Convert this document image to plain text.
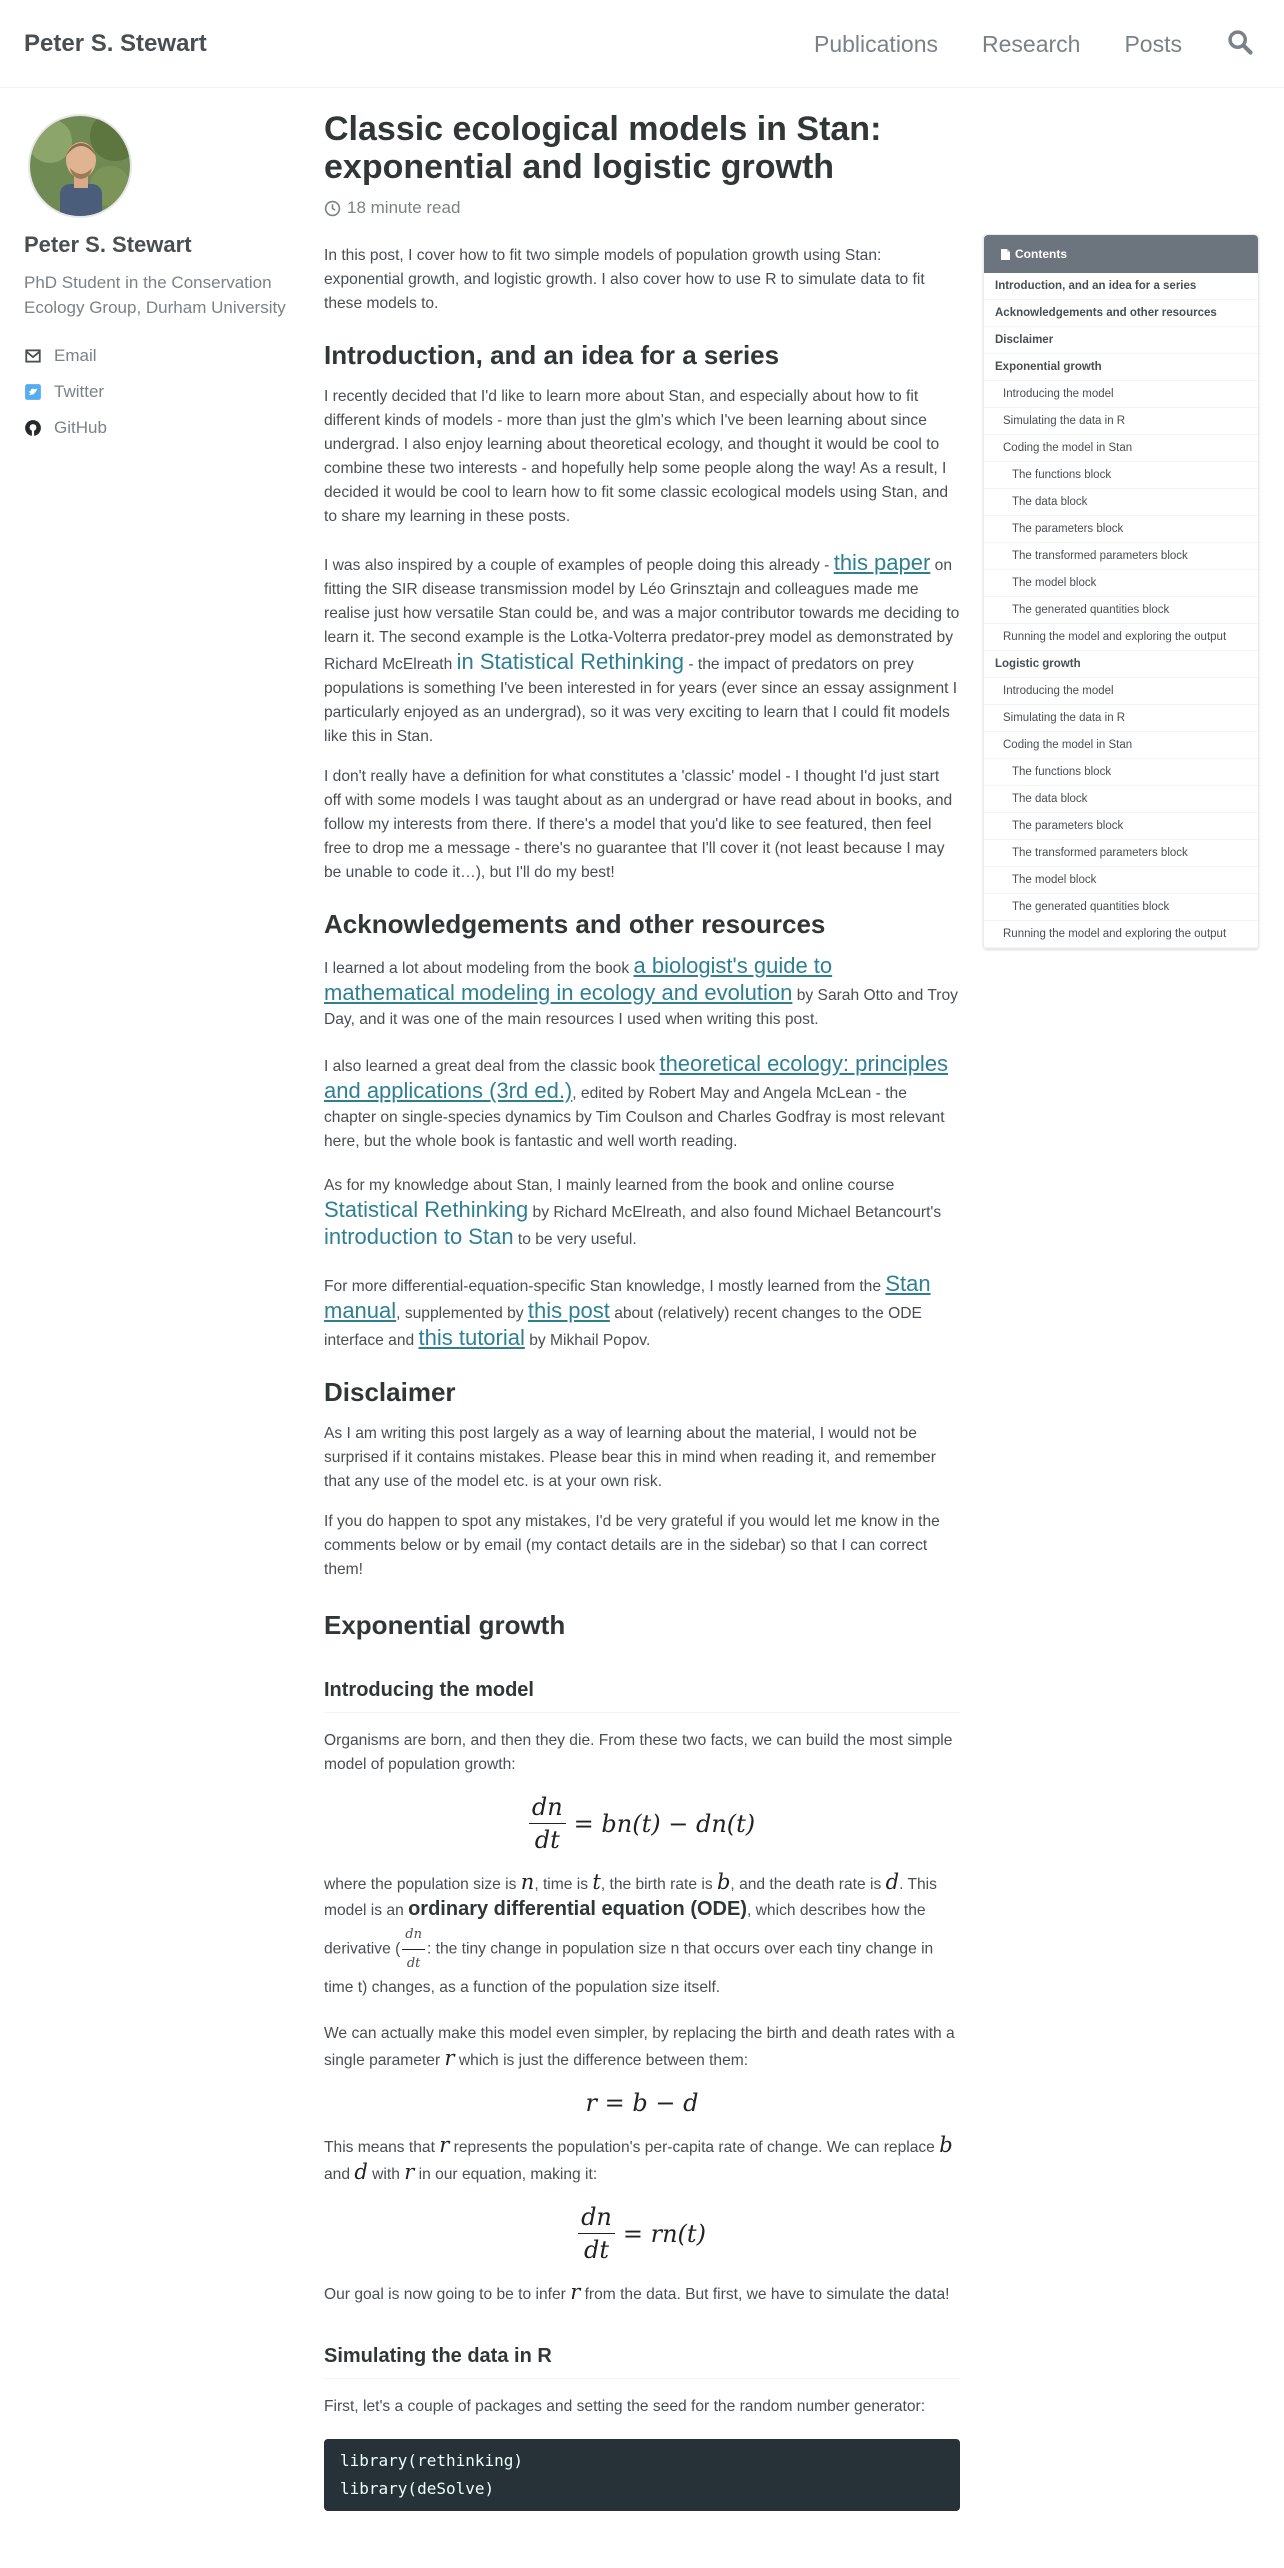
Peter S. Stewart	Publications Research Posts
Peter S. Stewart
PhD Student in the Conservation Ecology Group, Durham University
Email
Twitter
GitHub
Contents
Introduction, and an idea for a series
Acknowledgements and other resources
Disclaimer
Exponential growth
Introducing the model
Simulating the data in R
Coding the model in Stan
The functions block
The data block
The parameters block
The transformed parameters block
The model block
The generated quantities block
Running the model and exploring the output
Logistic growth
Introducing the model
Simulating the data in R
Coding the model in Stan
The functions block
The data block
The parameters block
The transformed parameters block
The model block
The generated quantities block
Running the model and exploring the output
Classic ecological models in Stan: exponential and logistic growth
18 minute read

In this post, I cover how to fit two simple models of population growth using Stan: exponential growth, and logistic growth. I also cover how to use R to simulate data to fit these models to.

Introduction, and an idea for a series

I recently decided that I'd like to learn more about Stan, and especially about how to fit different kinds of models - more than just the glm's which I've been learning about since undergrad. I also enjoy learning about theoretical ecology, and thought it would be cool to combine these two interests - and hopefully help some people along the way! As a result, I decided it would be cool to learn how to fit some classic ecological models using Stan, and to share my learning in these posts.

I was also inspired by a couple of examples of people doing this already - this paper on fitting the SIR disease transmission model by Léo Grinsztajn and colleagues made me realise just how versatile Stan could be, and was a major contributor towards me deciding to learn it. The second example is the Lotka-Volterra predator-prey model as demonstrated by Richard McElreath in Statistical Rethinking - the impact of predators on prey populations is something I've been interested in for years (ever since an essay assignment I particularly enjoyed as an undergrad), so it was very exciting to learn that I could fit models like this in Stan.

I don't really have a definition for what constitutes a 'classic' model - I thought I'd just start off with some models I was taught about as an undergrad or have read about in books, and follow my interests from there. If there's a model that you'd like to see featured, then feel free to drop me a message - there's no guarantee that I'll cover it (not least because I may be unable to code it…), but I'll do my best!

Acknowledgements and other resources

I learned a lot about modeling from the book a biologist's guide to mathematical modeling in ecology and evolution by Sarah Otto and Troy Day, and it was one of the main resources I used when writing this post.

I also learned a great deal from the classic book theoretical ecology: principles and applications (3rd ed.), edited by Robert May and Angela McLean - the chapter on single-species dynamics by Tim Coulson and Charles Godfray is most relevant here, but the whole book is fantastic and well worth reading.

As for my knowledge about Stan, I mainly learned from the book and online course Statistical Rethinking by Richard McElreath, and also found Michael Betancourt's introduction to Stan to be very useful.

For more differential-equation-specific Stan knowledge, I mostly learned from the Stan manual, supplemented by this post about (relatively) recent changes to the ODE interface and this tutorial by Mikhail Popov.

Disclaimer

As I am writing this post largely as a way of learning about the material, I would not be surprised if it contains mistakes. Please bear this in mind when reading it, and remember that any use of the model etc. is at your own risk.

If you do happen to spot any mistakes, I'd be very grateful if you would let me know in the comments below or by email (my contact details are in the sidebar) so that I can correct them!

Exponential growth
Introducing the model

Organisms are born, and then they die. From these two facts, we can build the most simple model of population growth:

$\frac{dn}{dt} = bn(t) - dn(t)$

where the population size is n, time is t, the birth rate is b, and the death rate is d. This model is an ordinary differential equation (ODE), which describes how the derivative ( $\frac{dn}{dt}$ : the tiny change in population size n that occurs over each tiny change in time t) changes, as a function of the population size itself.

We can actually make this model even simpler, by replacing the birth and death rates with a single parameter r which is just the difference between them:

r = b − d

This means that r represents the population's per-capita rate of change. We can replace b and d with r in our equation, making it:

$\frac{dn}{dt} = rn(t)$

Our goal is now going to be to infer r from the data. But first, we have to simulate the data!

Simulating the data in R

First, let's a couple of packages and setting the seed for the random number generator:

library(rethinking)
library(deSolve)
